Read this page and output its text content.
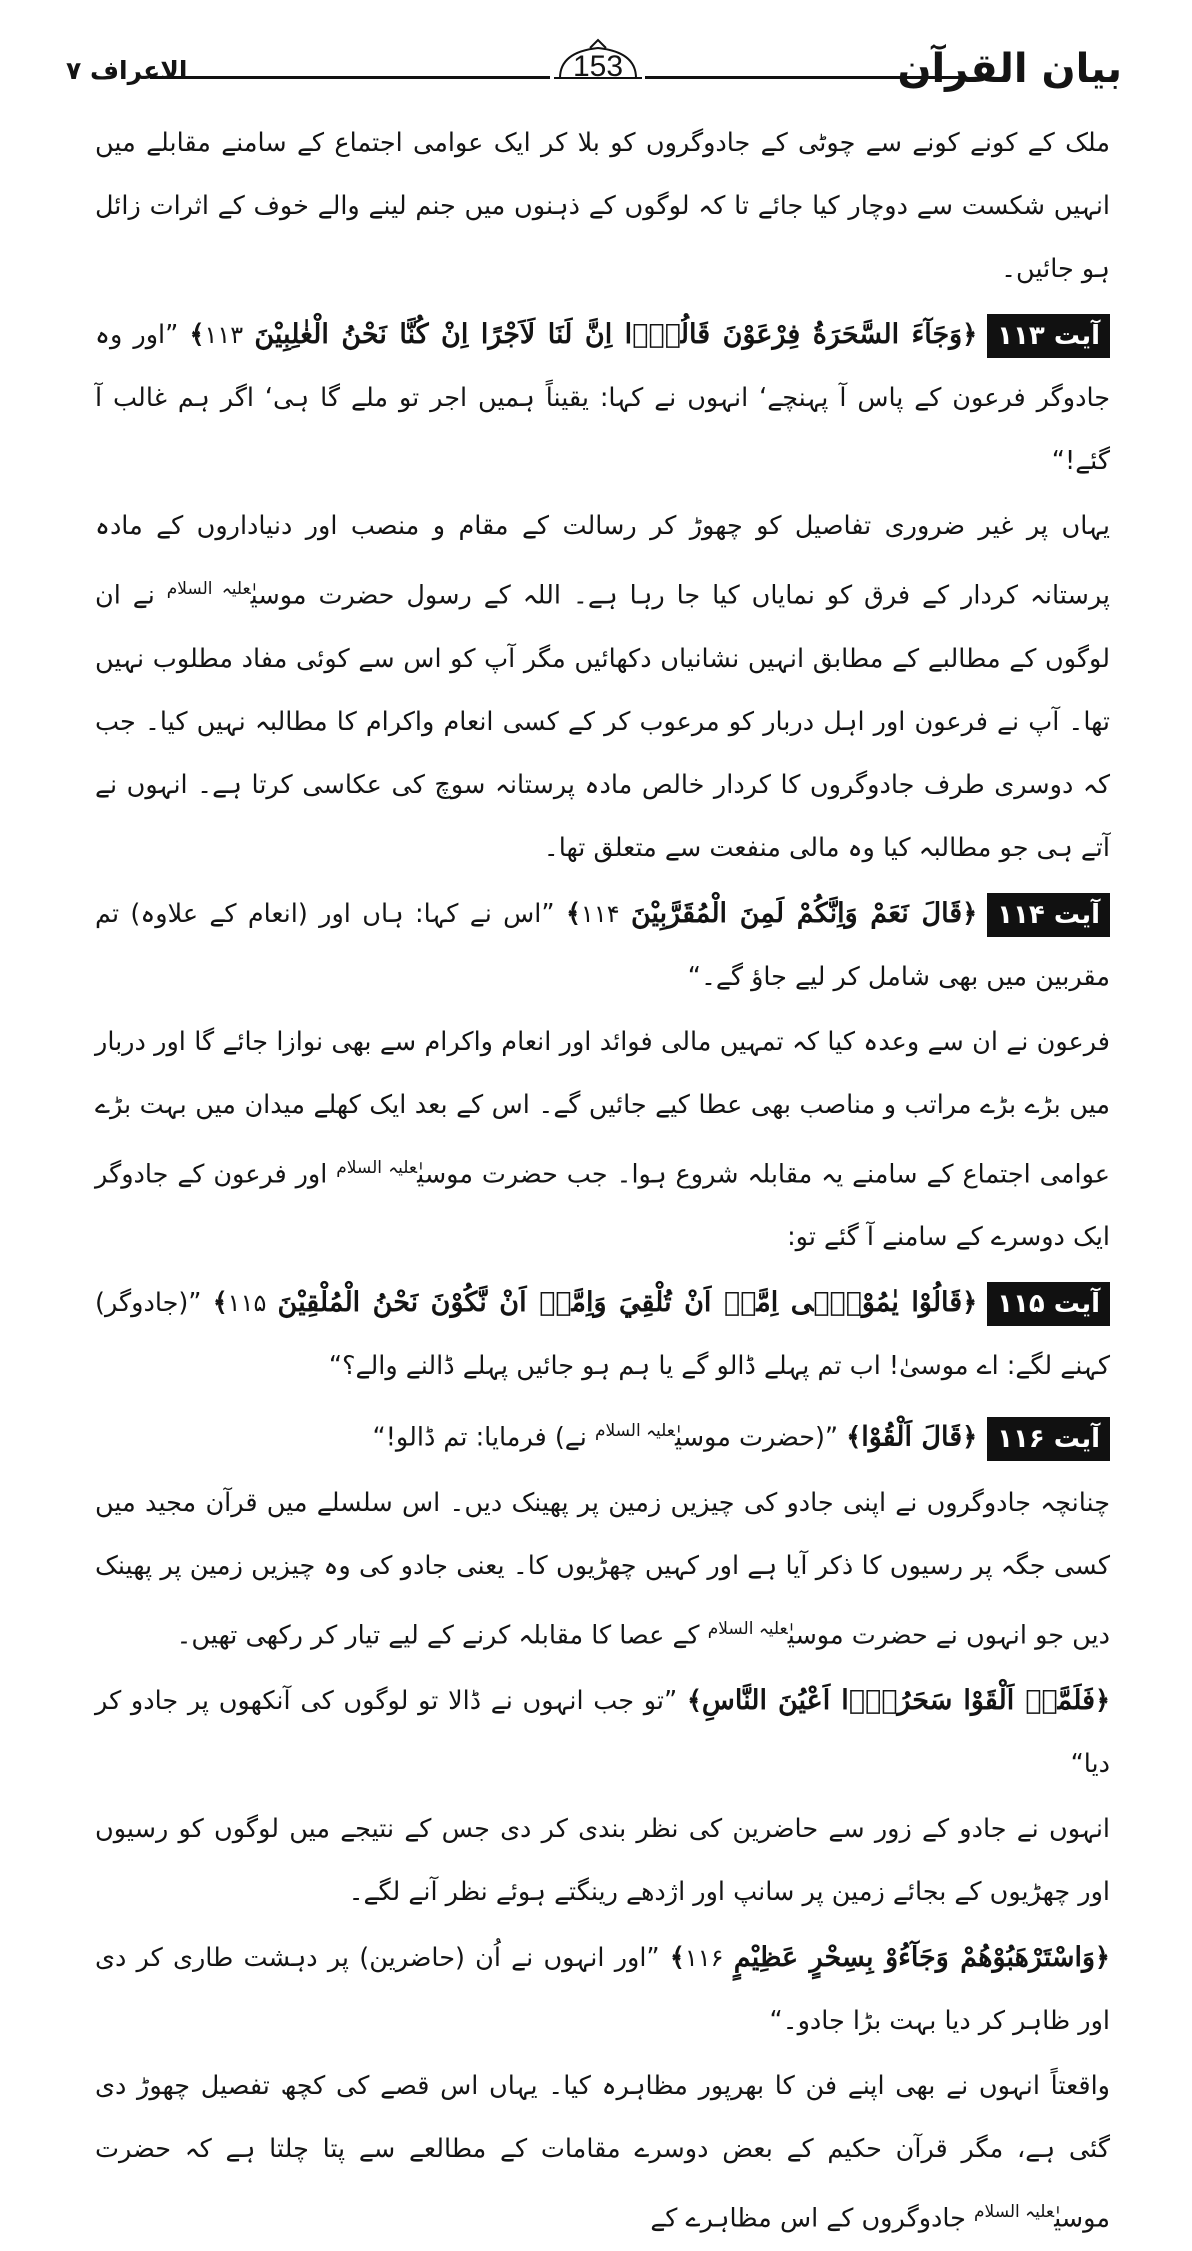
الاعراف ۷	153	بیان القرآن

ملک کے کونے کونے سے چوٹی کے جادوگروں کو بلا کر ایک عوامی اجتماع کے سامنے مقابلے میں انہیں شکست سے دوچار کیا جائے تا کہ لوگوں کے ذہنوں میں جنم لینے والے خوف کے اثرات زائل ہو جائیں۔

آیت ۱۱۳﴿وَجَآءَ السَّحَرَةُ فِرْعَوْنَ قَالُوْۤا اِنَّ لَنَا لَاَجْرًا اِنْ كُنَّا نَحْنُ الْغٰلِبِيْنَ ۱۱۳﴾ ”اور وہ جادوگر فرعون کے پاس آ پہنچے‘ انہوں نے کہا: یقیناً ہمیں اجر تو ملے گا ہی‘ اگر ہم غالب آ گئے!“

یہاں پر غیر ضروری تفاصیل کو چھوڑ کر رسالت کے مقام و منصب اور دنیاداروں کے مادہ پرستانہ کردار کے فرق کو نمایاں کیا جا رہا ہے۔ اللہ کے رسول حضرت موسیٰ$^{علیہ السلام}$ نے ان لوگوں کے مطالبے کے مطابق انہیں نشانیاں دکھائیں مگر آپ کو اس سے کوئی مفاد مطلوب نہیں تھا۔ آپ نے فرعون اور اہل دربار کو مرعوب کر کے کسی انعام واکرام کا مطالبہ نہیں کیا۔ جب کہ دوسری طرف جادوگروں کا کردار خالص مادہ پرستانہ سوچ کی عکاسی کرتا ہے۔ انہوں نے آتے ہی جو مطالبہ کیا وہ مالی منفعت سے متعلق تھا۔

آیت ۱۱۴﴿قَالَ نَعَمْ وَاِنَّكُمْ لَمِنَ الْمُقَرَّبِيْنَ ۱۱۴﴾ ”اس نے کہا: ہاں اور (انعام کے علاوہ) تم مقربین میں بھی شامل کر لیے جاؤ گے۔“

فرعون نے ان سے وعدہ کیا کہ تمہیں مالی فوائد اور انعام واکرام سے بھی نوازا جائے گا اور دربار میں بڑے بڑے مراتب و مناصب بھی عطا کیے جائیں گے۔ اس کے بعد ایک کھلے میدان میں بہت بڑے عوامی اجتماع کے سامنے یہ مقابلہ شروع ہوا۔ جب حضرت موسیٰ$^{علیہ السلام}$ اور فرعون کے جادوگر ایک دوسرے کے سامنے آ گئے تو:

آیت ۱۱۵﴿قَالُوْا يٰمُوْسٰۤى اِمَّاۤ اَنْ تُلْقِيَ وَاِمَّاۤ اَنْ نَّكُوْنَ نَحْنُ الْمُلْقِيْنَ ۱۱۵﴾ ”(جادوگر) کہنے لگے: اے موسیٰ! اب تم پہلے ڈالو گے یا ہم ہو جائیں پہلے ڈالنے والے؟“

آیت ۱۱۶﴿قَالَ اَلْقُوْا﴾ ”(حضرت موسیٰ$^{علیہ السلام}$ نے) فرمایا: تم ڈالو!“

چنانچہ جادوگروں نے اپنی جادو کی چیزیں زمین پر پھینک دیں۔ اس سلسلے میں قرآن مجید میں کسی جگہ پر رسیوں کا ذکر آیا ہے اور کہیں چھڑیوں کا۔ یعنی جادو کی وہ چیزیں زمین پر پھینک دیں جو انہوں نے حضرت موسیٰ$^{علیہ السلام}$ کے عصا کا مقابلہ کرنے کے لیے تیار کر رکھی تھیں۔

﴿فَلَمَّاۤ اَلْقَوْا سَحَرُوْۤا اَعْيُنَ النَّاسِ﴾ ”تو جب انہوں نے ڈالا تو لوگوں کی آنکھوں پر جادو کر دیا“

انہوں نے جادو کے زور سے حاضرین کی نظر بندی کر دی جس کے نتیجے میں لوگوں کو رسیوں اور چھڑیوں کے بجائے زمین پر سانپ اور اژدھے رینگتے ہوئے نظر آنے لگے۔

﴿وَاسْتَرْهَبُوْهُمْ وَجَآءُوْ بِسِحْرٍ عَظِيْمٍ ۱۱۶﴾ ”اور انہوں نے اُن (حاضرین) پر دہشت طاری کر دی اور ظاہر کر دیا بہت بڑا جادو۔“

واقعتاً انہوں نے بھی اپنے فن کا بھرپور مظاہرہ کیا۔ یہاں اس قصے کی کچھ تفصیل چھوڑ دی گئی ہے، مگر قرآن حکیم کے بعض دوسرے مقامات کے مطالعے سے پتا چلتا ہے کہ حضرت موسیٰ$^{علیہ السلام}$ جادوگروں کے اس مظاہرے کے
